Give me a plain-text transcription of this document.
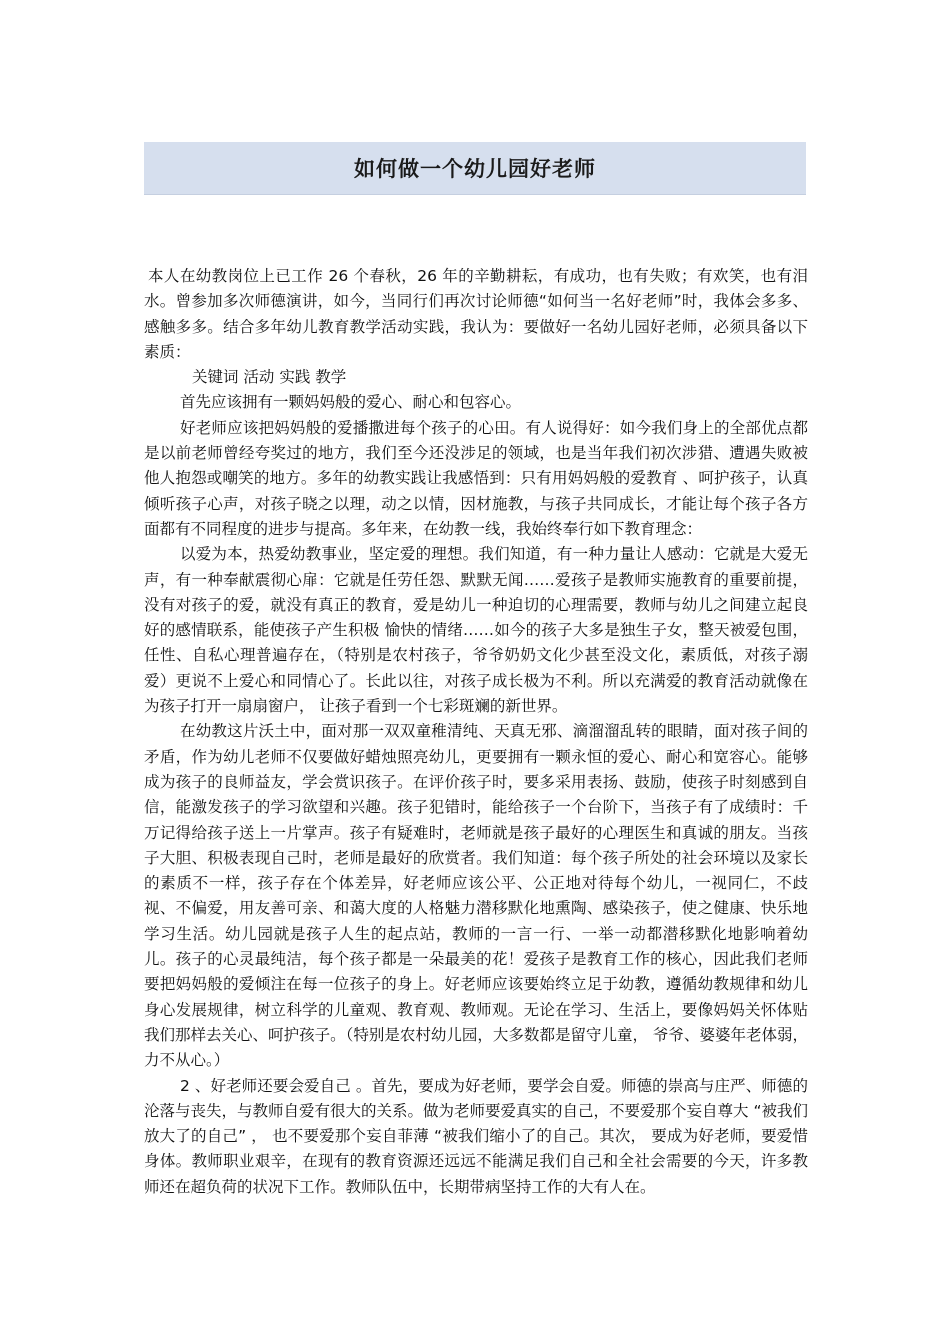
如何做一个幼儿园好老师

本人在幼教岗位上已工作 26 个春秋，26 年的辛勤耕耘，有成功，也有失败；有欢笑，也有泪水。曾参加多次师德演讲，如今，当同行们再次讨论师德“如何当一名好老师”时，我体会多多、感触多多。结合多年幼儿教育教学活动实践，我认为：要做好一名幼儿园好老师，必须具备以下素质：

关键词 活动 实践 教学

首先应该拥有一颗妈妈般的爱心、耐心和包容心。

好老师应该把妈妈般的爱播撒进每个孩子的心田。有人说得好：如今我们身上的全部优点都是以前老师曾经夸奖过的地方，我们至今还没涉足的领域，也是当年我们初次涉猎、遭遇失败被他人抱怨或嘲笑的地方。多年的幼教实践让我感悟到：只有用妈妈般的爱教育 、呵护孩子，认真倾听孩子心声，对孩子晓之以理，动之以情，因材施教，与孩子共同成长，才能让每个孩子各方面都有不同程度的进步与提高。多年来，在幼教一线，我始终奉行如下教育理念：

以爱为本，热爱幼教事业，坚定爱的理想。我们知道，有一种力量让人感动：它就是大爱无声，有一种奉献震彻心扉：它就是任劳任怨、默默无闻……爱孩子是教师实施教育的重要前提，没有对孩子的爱，就没有真正的教育，爱是幼儿一种迫切的心理需要，教师与幼儿之间建立起良好的感情联系，能使孩子产生积极 愉快的情绪……如今的孩子大多是独生子女，整天被爱包围，任性、自私心理普遍存在，（特别是农村孩子，爷爷奶奶文化少甚至没文化，素质低，对孩子溺爱）更说不上爱心和同情心了。长此以往，对孩子成长极为不利。所以充满爱的教育活动就像在为孩子打开一扇扇窗户， 让孩子看到一个七彩斑斓的新世界。

在幼教这片沃土中，面对那一双双童稚清纯、天真无邪、滴溜溜乱转的眼睛，面对孩子间的矛盾，作为幼儿老师不仅要做好蜡烛照亮幼儿，更要拥有一颗永恒的爱心、耐心和宽容心。能够成为孩子的良师益友，学会赏识孩子。在评价孩子时，要多采用表扬、鼓励，使孩子时刻感到自信，能激发孩子的学习欲望和兴趣。孩子犯错时，能给孩子一个台阶下，当孩子有了成绩时：千万记得给孩子送上一片掌声。孩子有疑难时，老师就是孩子最好的心理医生和真诚的朋友。当孩子大胆、积极表现自己时，老师是最好的欣赏者。我们知道：每个孩子所处的社会环境以及家长的素质不一样，孩子存在个体差异，好老师应该公平、公正地对待每个幼儿，一视同仁，不歧视、不偏爱，用友善可亲、和蔼大度的人格魅力潜移默化地熏陶、感染孩子，使之健康、快乐地学习生活。幼儿园就是孩子人生的起点站，教师的一言一行、一举一动都潜移默化地影响着幼儿。孩子的心灵最纯洁，每个孩子都是一朵最美的花！爱孩子是教育工作的核心，因此我们老师要把妈妈般的爱倾注在每一位孩子的身上。好老师应该要始终立足于幼教，遵循幼教规律和幼儿身心发展规律，树立科学的儿童观、教育观、教师观。无论在学习、生活上，要像妈妈关怀体贴我们那样去关心、呵护孩子。（特别是农村幼儿园，大多数都是留守儿童， 爷爷、婆婆年老体弱， 力不从心。）

2 、好老师还要会爱自己 。首先，要成为好老师，要学会自爱。师德的崇高与庄严、师德的沦落与丧失，与教师自爱有很大的关系。做为老师要爱真实的自己，不要爱那个妄自尊大 “被我们放大了的自己” ， 也不要爱那个妄自菲薄 “被我们缩小了的自己。其次， 要成为好老师，要爱惜身体。教师职业艰辛，在现有的教育资源还远远不能满足我们自己和全社会需要的今天，许多教师还在超负荷的状况下工作。教师队伍中，长期带病坚持工作的大有人在。
